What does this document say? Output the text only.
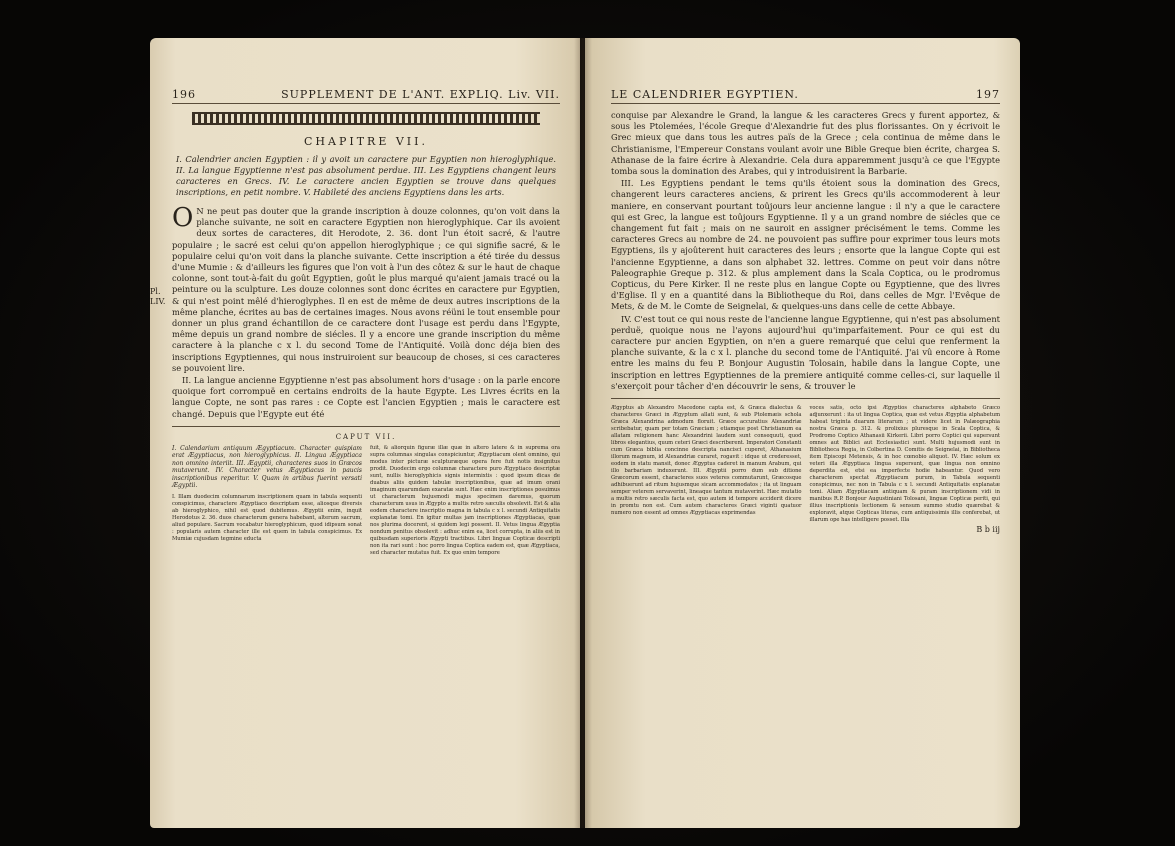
196	SUPPLEMENT DE L'ANT. EXPLIQ. Liv. VII.
CHAPITRE VII.
I. Calendrier ancien Egyptien : il y avoit un caractere pur Egyptien non hieroglyphique. II. La langue Egyptienne n'est pas absolument perdue. III. Les Egyptiens changent leurs caracteres en Grecs. IV. Le caractere ancien Egyptien se trouve dans quelques inscriptions, en petit nombre. V. Habileté des anciens Egyptiens dans les arts.
Pl. LIV.

O N ne peut pas douter que la grande inscription à douze colonnes, qu'on voit dans la planche suivante, ne soit en caractere Egyptien non hieroglyphique. Car ils avoient deux sortes de caracteres, dit Herodote, 2. 36. dont l'un étoit sacré, & l'autre populaire ; le sacré est celui qu'on appellon hieroglyphique ; ce qui signifie sacré, & le populaire celui qu'on voit dans la planche suivante. Cette inscription a été tirée du dessus d'une Mumie : & d'ailleurs les figures que l'on voit à l'un des côtez & sur le haut de chaque colonne, sont tout-à-fait du goût Egyptien, goût le plus marqué qu'aient jamais tracé ou la peinture ou la sculpture. Les douze colonnes sont donc écrites en caractere pur Egyptien, & qui n'est point mêlé d'hieroglyphes. Il en est de même de deux autres inscriptions de la même planche, écrites au bas de certaines images. Nous avons réüni le tout ensemble pour donner un plus grand échantillon de ce caractere dont l'usage est perdu dans l'Egypte, même depuis un grand nombre de siécles. Il y a encore une grande inscription du même caractere à la planche c x l. du second Tome de l'Antiquité. Voilà donc déja bien des inscriptions Egyptiennes, qui nous instruiroient sur beaucoup de choses, si ces caracteres se pouvoient lire.

II. La langue ancienne Egyptienne n'est pas absolument hors d'usage : on la parle encore quoique fort corrompuë en certains endroits de la haute Egypte. Les Livres écrits en la langue Copte, ne sont pas rares : ce Copte est l'ancien Egyptien ; mais le caractere est changé. Depuis que l'Egypte eut été

CAPUT VII.
I. Calendarium antiquum Ægyptiacum. Character quispiam erat Ægyptiacus, non hieroglyphicus. II. Lingua Ægyptiaca non omnino interiit. III. Ægyptii, characteres suos in Græcos mutaverunt. IV. Character vetus Ægyptiacus in paucis inscriptionibus reperitur. V. Quam in artibus fuerint versati Ægyptii.

I. Illam duodecim columnarum inscriptionem quam in tabula sequenti conspicimus, charactere Ægyptiaco descriptam esse, aliosque diversis ab hieroglyphico, nihil est quod dubitemus. Ægyptii enim, inquit Herodotus 2. 36. duos characterum genera habebant, alterum sacrum, aliud populare. Sacrum vocabatur hieroglyphicum, quod idipsum sonat : popularis autem character ille est quem in tabula conspicimus. Ex Mumiæ cujusdam tegmine educta

fuit, & aliorquin figuræ illæ quæ in altero latere & in suprema ora supra columnas singulas conspiciuntur, Ægyptiacum olent omnino, qui modus inter picturæ sculpturæque opera fere fuit notis insignitus prodit. Duodecim ergo columnæ charactere puro Ægyptiaco descriptæ sunt, nullis hieroglyphicis signis intermixtis : quod ipsum dicas de duabus aliis quidem tabulæ inscriptionibus, quæ ad imum orani imaginum quarumdam exaratæ sunt. Hæc enim inscriptiones posuimus ut characterum hujusmodi majus specimen daremus, quorum characterum usus in Ægypto a multis retro sæculis obsolevit. Est & alia eodem charactere inscriptio magna in tabula c x l. secundi Antiquitatis explanatæ tomi. En igitur multas jam inscriptiones Ægyptiacas, quæ nos plurima docerent, si quidem legi possent. II. Vetus lingua Ægyptia nondum penitus obsolevit : adhuc enim ea, licet corrupta, in aliis est in quibusdam superioris Ægypti tractibus. Libri linguæ Copticæ descripti non ita rari sunt : hoc porro lingua Coptica eadem est, quæ Ægyptiaca, sed character mutatus fuit. Ex quo enim tempore

LE CALENDRIER EGYPTIEN.	197

conquise par Alexandre le Grand, la langue & les caracteres Grecs y furent apportez, & sous les Ptolemées, l'école Greque d'Alexandrie fut des plus florissantes. On y écrivoit le Grec mieux que dans tous les autres païs de la Grece ; cela continua de même dans le Christianisme, l'Empereur Constans voulant avoir une Bible Greque bien écrite, chargea S. Athanase de la faire écrire à Alexandrie. Cela dura apparemment jusqu'à ce que l'Egypte tomba sous la domination des Arabes, qui y introduisirent la Barbarie.

III. Les Egyptiens pendant le tems qu'ils étoient sous la domination des Grecs, changerent leurs caracteres anciens, & prirent les Grecs qu'ils accommoderent à leur maniere, en conservant pourtant toûjours leur ancienne langue : il n'y a que le caractere qui est Grec, la langue est toûjours Egyptienne. Il y a un grand nombre de siécles que ce changement fut fait ; mais on ne sauroit en assigner précisément le tems. Comme les caracteres Grecs au nombre de 24. ne pouvoient pas suffire pour exprimer tous leurs mots Egyptiens, ils y ajoûterent huit caracteres des leurs ; ensorte que la langue Copte qui est l'ancienne Egyptienne, a dans son alphabet 32. lettres. Comme on peut voir dans nôtre Paleographie Greque p. 312. & plus amplement dans la Scala Coptica, ou le prodromus Copticus, du Pere Kirker. Il ne reste plus en langue Copte ou Egyptienne, que des livres d'Eglise. Il y en a quantité dans la Bibliotheque du Roi, dans celles de Mgr. l'Evêque de Mets, & de M. le Comte de Seignelai, & quelques-uns dans celle de cette Abbaye.

IV. C'est tout ce qui nous reste de l'ancienne langue Egyptienne, qui n'est pas absolument perduë, quoique nous ne l'ayons aujourd'hui qu'imparfaitement. Pour ce qui est du caractere pur ancien Egyptien, on n'en a guere remarqué que celui que renferment la planche suivante, & la c x l. planche du second tome de l'Antiquité. J'ai vû encore à Rome entre les mains du feu P. Bonjour Augustin Tolosain, habile dans la langue Copte, une inscription en lettres Egyptiennes de la premiere antiquité comme celles-ci, sur laquelle il s'exerçoit pour tâcher d'en découvrir le sens, & trouver le

Ægyptus ab Alexandro Macedone capta est, & Græca dialectus & characteres Græci in Ægyptum allati sunt, & sub Ptolemæis schola Græca Alexandrina admodum floruit. Græce accuratius Alexandriæ scribebatur, quam per totam Græciam ; etiamque post Christianum ea allatam religionem hanc Alexandrini laudem sunt consequuti, quod libros elegantius, quum ceteri Græci describerent. Imperatori Constanti cum Græca biblia concinne descripta nancisci cuperet, Athanasium illorum magnum, id Alexandriæ curaret, rogavit : idque ut crederesset, eodem in statu mansit, donec Ægyptus caderet in manum Arabum, qui illo barbariam induxerunt. III. Ægyptii porro dum sub ditione Græcorum essent, characteres suos veteres commutarunt, Græcosque adhibuerunt ad ritum hujusmque sicam accommodatos ; ita ut linguam semper veterem servaverint, lineaque tantum mutaverint. Hæc mutatio a multis retro sæculis facta est, quo autem id tempore acciderit dicere in promtu non est. Cum autem characteres Græci viginti quatuor numero non essent ad omnes Ægyptiacas exprimendas

voces satis, octo ipsi Ægyptios characteres alphabeto Græco adjunxerunt : ita ut lingua Coptica, quæ est vetus Ægyptia alphabetum habeat triginta duarum literarum ; ut videre licet in Palæographia nostra Græca p. 312. & prolixius pluresque in Scala Coptica, & Prodromo Coptico Athanasii Kirkerii. Libri porro Coptici qui supersunt omnes aut Biblici aut Ecclesiastici sunt. Multi hujusmodi sunt in Bibliotheca Regia, in Colbertina D. Comitis de Seignelai, in Bibliotheca item Episcopi Metensis, & in hoc cœnobio aliquot. IV. Hæc solum ex veteri illa Ægyptiaca lingua supersunt, quæ lingua non omnino deperdita est, etsi ea imperfecte hodie habeantur. Quod vero characterem spectat Ægyptiacum purum, in Tabula sequenti conspicimus, nec non in Tabula c x l. secundi Antiquitatis explanatæ tomi. Aliam Ægyptiacam antiquam & puram inscriptionem vidi in manibus R.P. Bonjour Augustiniani Tolosani, linguæ Copticæ periti, qui illius inscriptionis lectionem & sensum summo studio quærebat & exploravit, atque Copticas literas, cum antiquissimis illis conferebat, ut illarum ope has intelligere posset. Illa

B b iij
